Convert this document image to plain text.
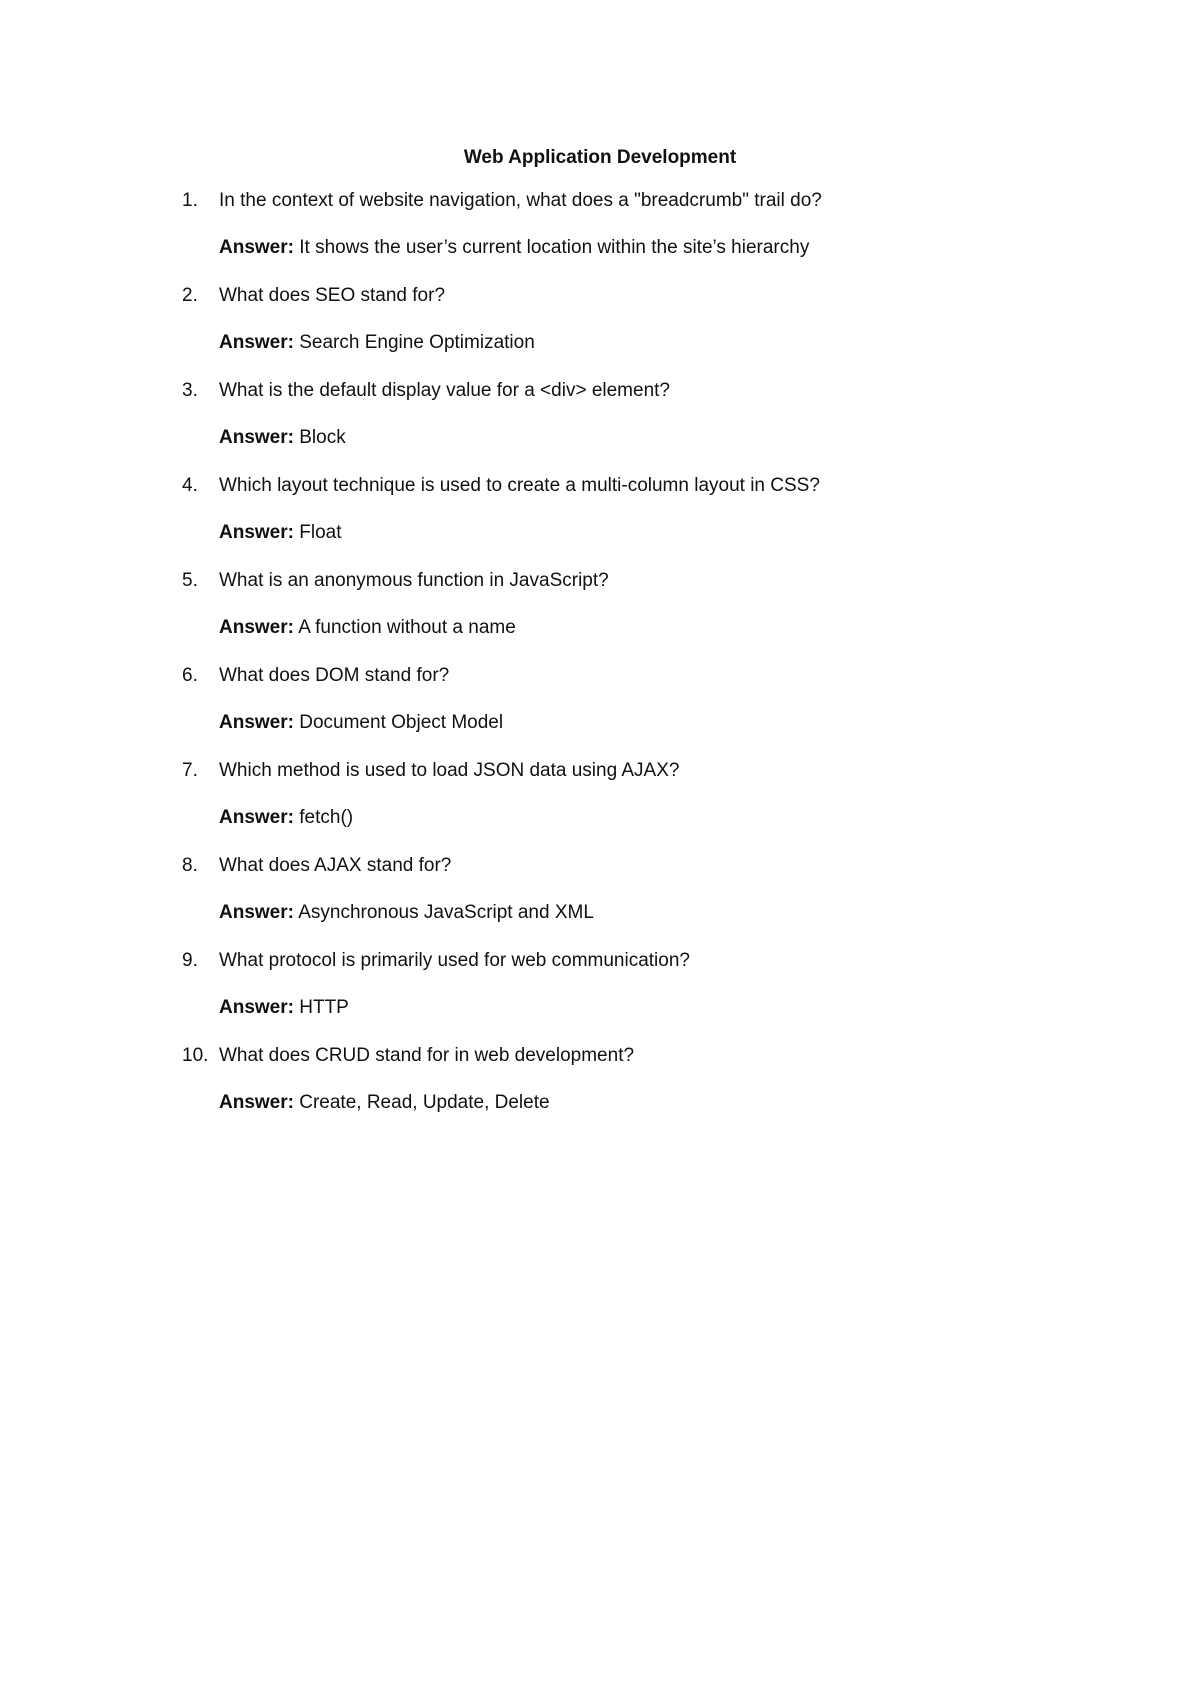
Web Application Development
1. In the context of website navigation, what does a "breadcrumb" trail do?
Answer: It shows the user’s current location within the site’s hierarchy
2. What does SEO stand for?
Answer: Search Engine Optimization
3. What is the default display value for a <div> element?
Answer: Block
4. Which layout technique is used to create a multi-column layout in CSS?
Answer: Float
5. What is an anonymous function in JavaScript?
Answer: A function without a name
6. What does DOM stand for?
Answer: Document Object Model
7. Which method is used to load JSON data using AJAX?
Answer: fetch()
8. What does AJAX stand for?
Answer: Asynchronous JavaScript and XML
9. What protocol is primarily used for web communication?
Answer: HTTP
10. What does CRUD stand for in web development?
Answer: Create, Read, Update, Delete
